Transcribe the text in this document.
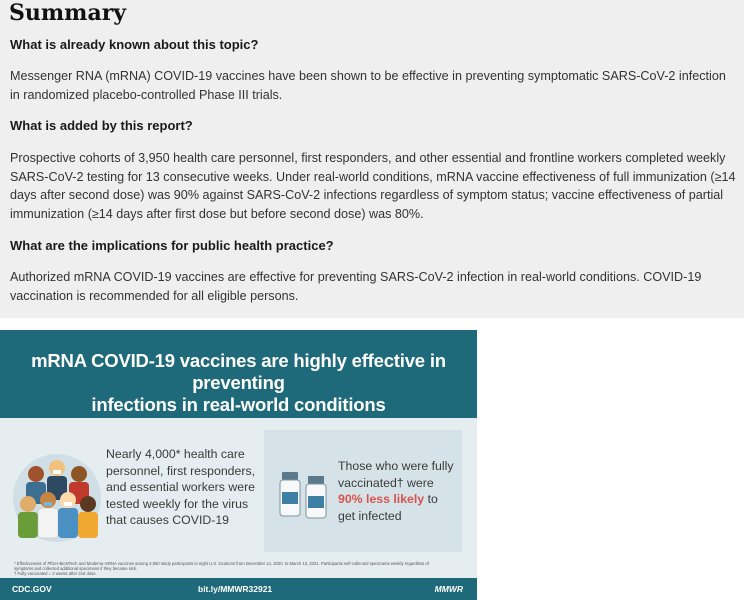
Summary
What is already known about this topic?
Messenger RNA (mRNA) COVID-19 vaccines have been shown to be effective in preventing symptomatic SARS-CoV-2 infection in randomized placebo-controlled Phase III trials.
What is added by this report?
Prospective cohorts of 3,950 health care personnel, first responders, and other essential and frontline workers completed weekly SARS-CoV-2 testing for 13 consecutive weeks. Under real-world conditions, mRNA vaccine effectiveness of full immunization (≥14 days after second dose) was 90% against SARS-CoV-2 infections regardless of symptom status; vaccine effectiveness of partial immunization (≥14 days after first dose but before second dose) was 80%.
What are the implications for public health practice?
Authorized mRNA COVID-19 vaccines are effective for preventing SARS-CoV-2 infection in real-world conditions. COVID-19 vaccination is recommended for all eligible persons.
mRNA COVID-19 vaccines are highly effective in preventing
infections in real-world conditions
Nearly 4,000* health care personnel, first responders, and essential workers were tested weekly for the virus that causes COVID-19
Those who were fully vaccinated† were 90% less likely to get infected
* Effectiveness of Pfizer-BioNTech and Moderna mRNA vaccines among 3,950 study participants in eight U.S. locations from December 14, 2020, to March 13, 2021. Participants self-collected specimens weekly regardless of
symptoms and collected additional specimens if they became sick.
† Fully vaccinated = 2 weeks after 2nd dose
CDC.GOV	bit.ly/MMWR32921	MMWR
